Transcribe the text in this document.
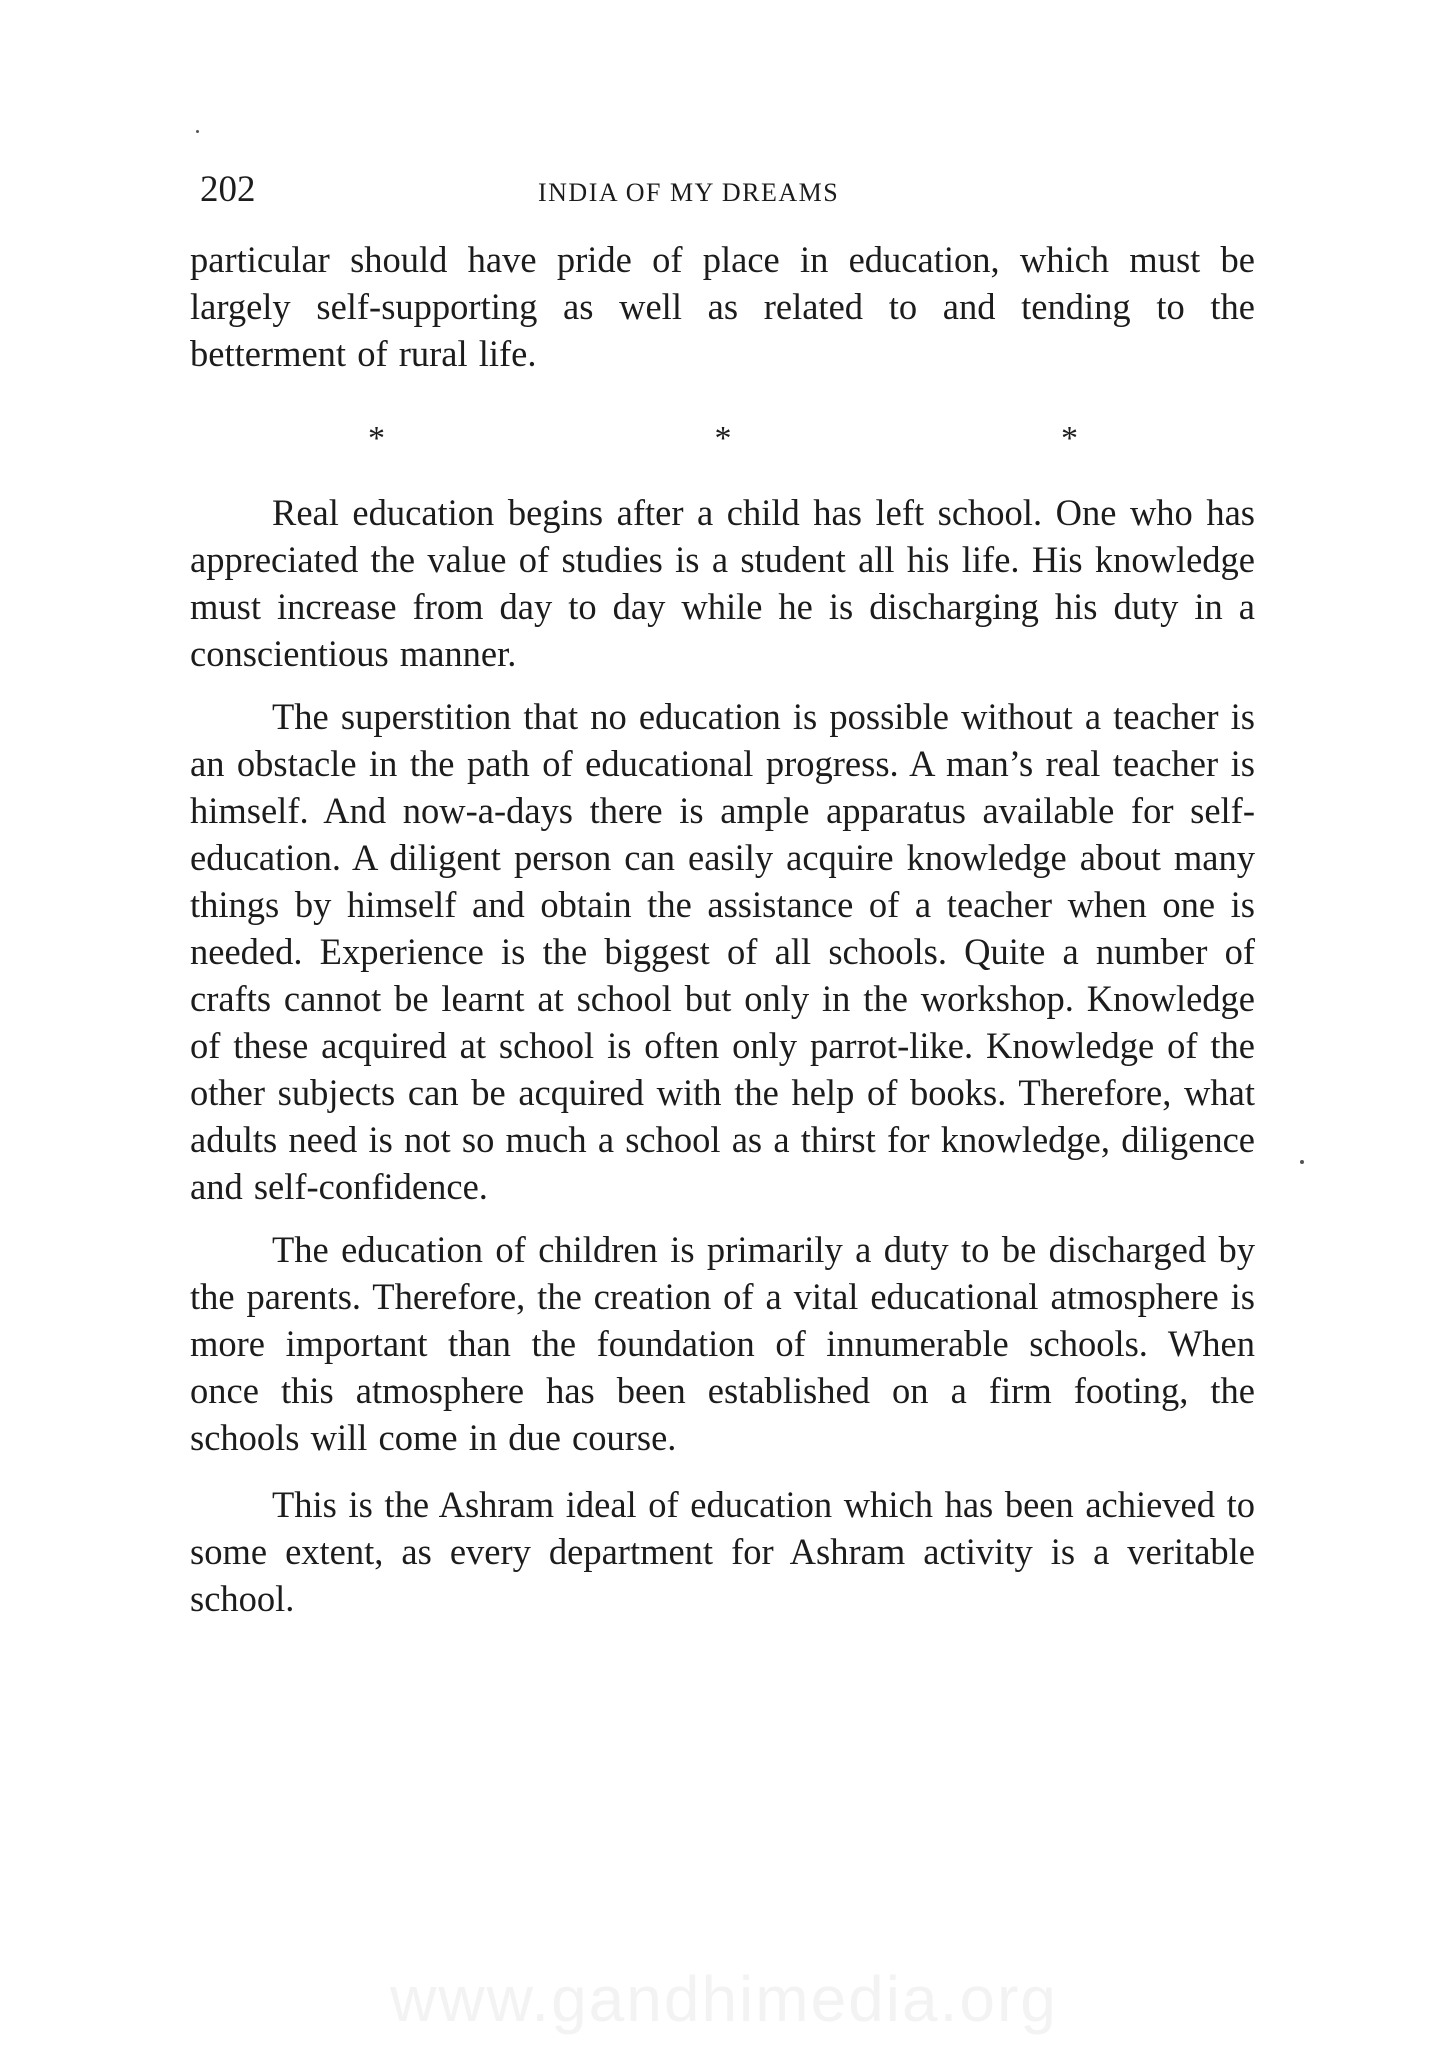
202	INDIA OF MY DREAMS

particular should have pride of place in education, which must be largely self-supporting as well as related to and tending to the betterment of rural life.

*	*	*

Real education begins after a child has left school. One who has appreciated the value of studies is a student all his life. His knowledge must increase from day to day while he is discharging his duty in a conscientious manner.

The superstition that no education is possible without a teacher is an obstacle in the path of educational progress. A man’s real teacher is himself. And now-a-days there is ample apparatus available for self-education. A diligent person can easily acquire knowledge about many things by himself and obtain the assistance of a teacher when one is needed. Experience is the biggest of all schools. Quite a number of crafts cannot be learnt at school but only in the workshop. Knowledge of these acquired at school is often only parrot-like. Knowledge of the other subjects can be acquired with the help of books. Therefore, what adults need is not so much a school as a thirst for knowledge, diligence and self-confidence.

The education of children is primarily a duty to be discharged by the parents. Therefore, the creation of a vital educational atmosphere is more important than the foundation of innumerable schools. When once this atmosphere has been established on a firm footing, the schools will come in due course.

This is the Ashram ideal of education which has been achieved to some extent, as every department for Ashram activity is a veritable school.

www.gandhimedia.org
